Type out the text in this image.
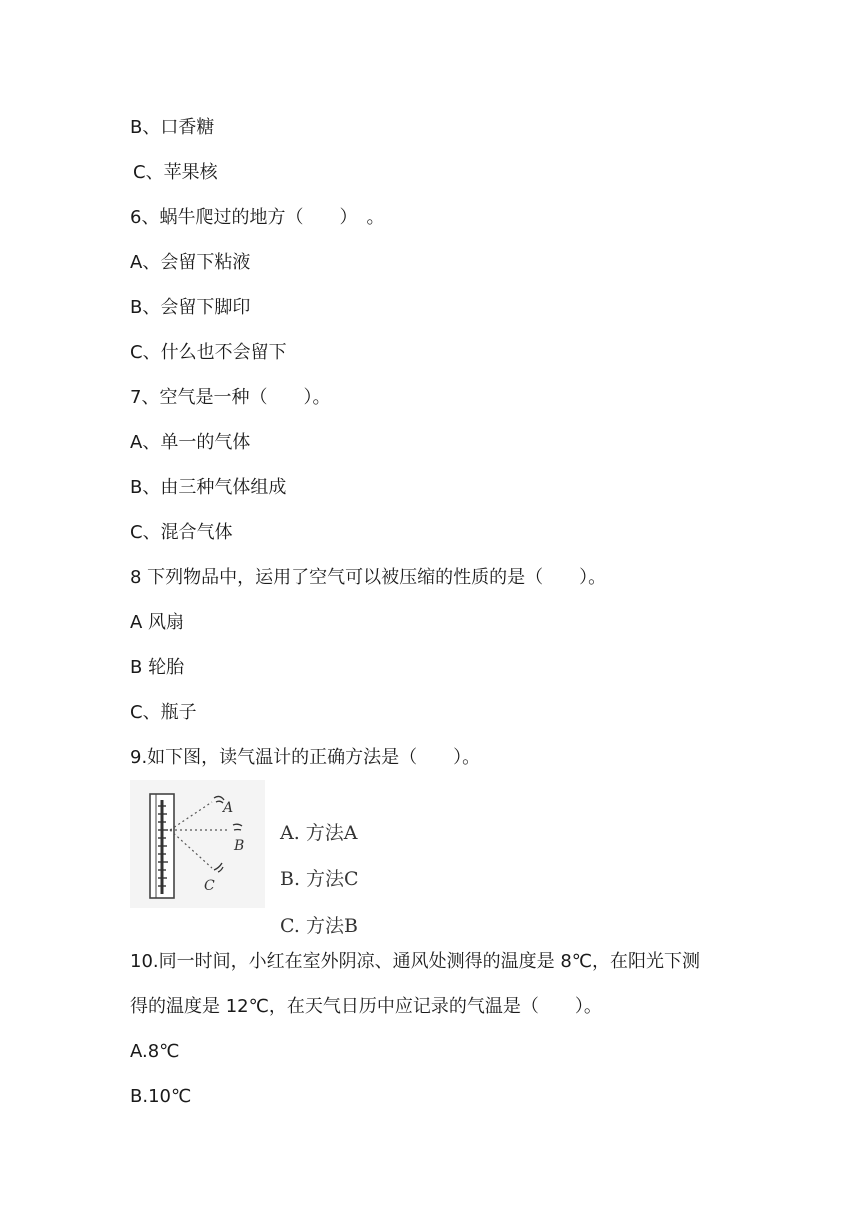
B、口香糖
C、苹果核
6、蜗牛爬过的地方（　　）　。
A、会留下粘液
B、会留下脚印
C、什么也不会留下
7、空气是一种（　　）。
A、单一的气体
B、由三种气体组成
C、混合气体
8 下列物品中，运用了空气可以被压缩的性质的是（　　）。
A 风扇
B 轮胎
C、瓶子
9.如下图，读气温计的正确方法是（　　）。
A
B
C
A. 方法A
B. 方法C
C. 方法B
10.同一时间，小红在室外阴凉、通风处测得的温度是 8℃，在阳光下测
得的温度是 12℃，在天气日历中应记录的气温是（　　）。
A.8℃
B.10℃
